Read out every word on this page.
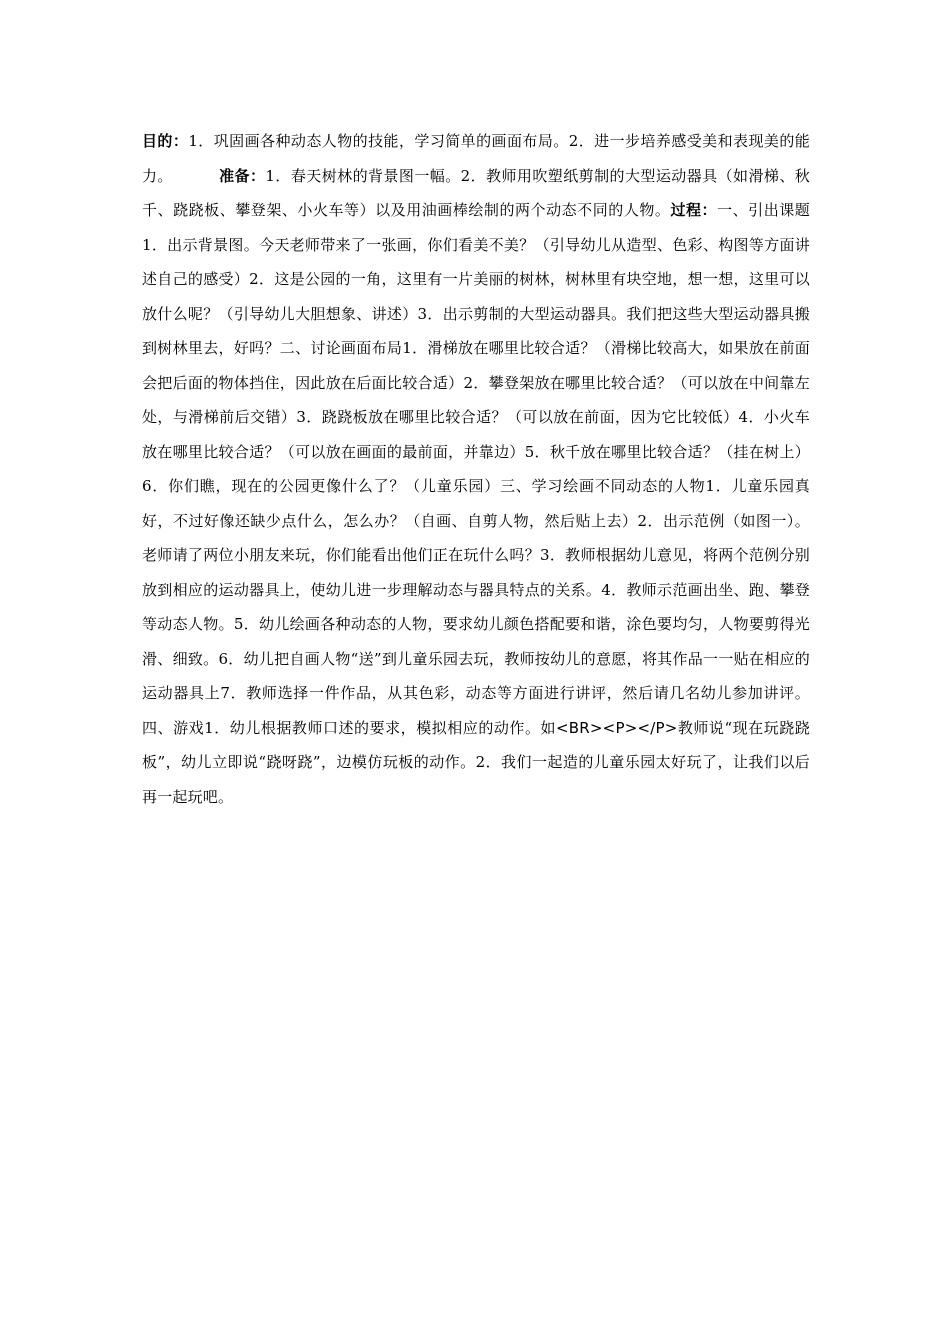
目的：1．巩固画各种动态人物的技能，学习简单的画面布局。2．进一步培养感受美和表现美的能力。	准备：1．春天树林的背景图一幅。2．教师用吹塑纸剪制的大型运动器具（如滑梯、秋千、跷跷板、攀登架、小火车等）以及用油画棒绘制的两个动态不同的人物。过程：一、引出课题1．出示背景图。今天老师带来了一张画，你们看美不美？（引导幼儿从造型、色彩、构图等方面讲述自己的感受）2．这是公园的一角，这里有一片美丽的树林，树林里有块空地，想一想，这里可以放什么呢？（引导幼儿大胆想象、讲述）3．出示剪制的大型运动器具。我们把这些大型运动器具搬到树林里去，好吗？二、讨论画面布局1．滑梯放在哪里比较合适？（滑梯比较高大，如果放在前面会把后面的物体挡住，因此放在后面比较合适）2．攀登架放在哪里比较合适？（可以放在中间靠左处，与滑梯前后交错）3．跷跷板放在哪里比较合适？（可以放在前面，因为它比较低）4．小火车放在哪里比较合适？（可以放在画面的最前面，并靠边）5．秋千放在哪里比较合适？（挂在树上）6．你们瞧，现在的公园更像什么了？（儿童乐园）三、学习绘画不同动态的人物1．儿童乐园真好，不过好像还缺少点什么，怎么办？（自画、自剪人物，然后贴上去）2．出示范例（如图一）。老师请了两位小朋友来玩，你们能看出他们正在玩什么吗？3．教师根据幼儿意见，将两个范例分别放到相应的运动器具上，使幼儿进一步理解动态与器具特点的关系。4．教师示范画出坐、跑、攀登等动态人物。5．幼儿绘画各种动态的人物，要求幼儿颜色搭配要和谐，涂色要均匀，人物要剪得光滑、细致。6．幼儿把自画人物“送”到儿童乐园去玩，教师按幼儿的意愿，将其作品一一贴在相应的运动器具上7．教师选择一件作品，从其色彩，动态等方面进行讲评，然后请几名幼儿参加讲评。四、游戏1．幼儿根据教师口述的要求，模拟相应的动作。如<BR><P></P>教师说“现在玩跷跷板”，幼儿立即说“跷呀跷”，边模仿玩板的动作。2．我们一起造的儿童乐园太好玩了，让我们以后再一起玩吧。
